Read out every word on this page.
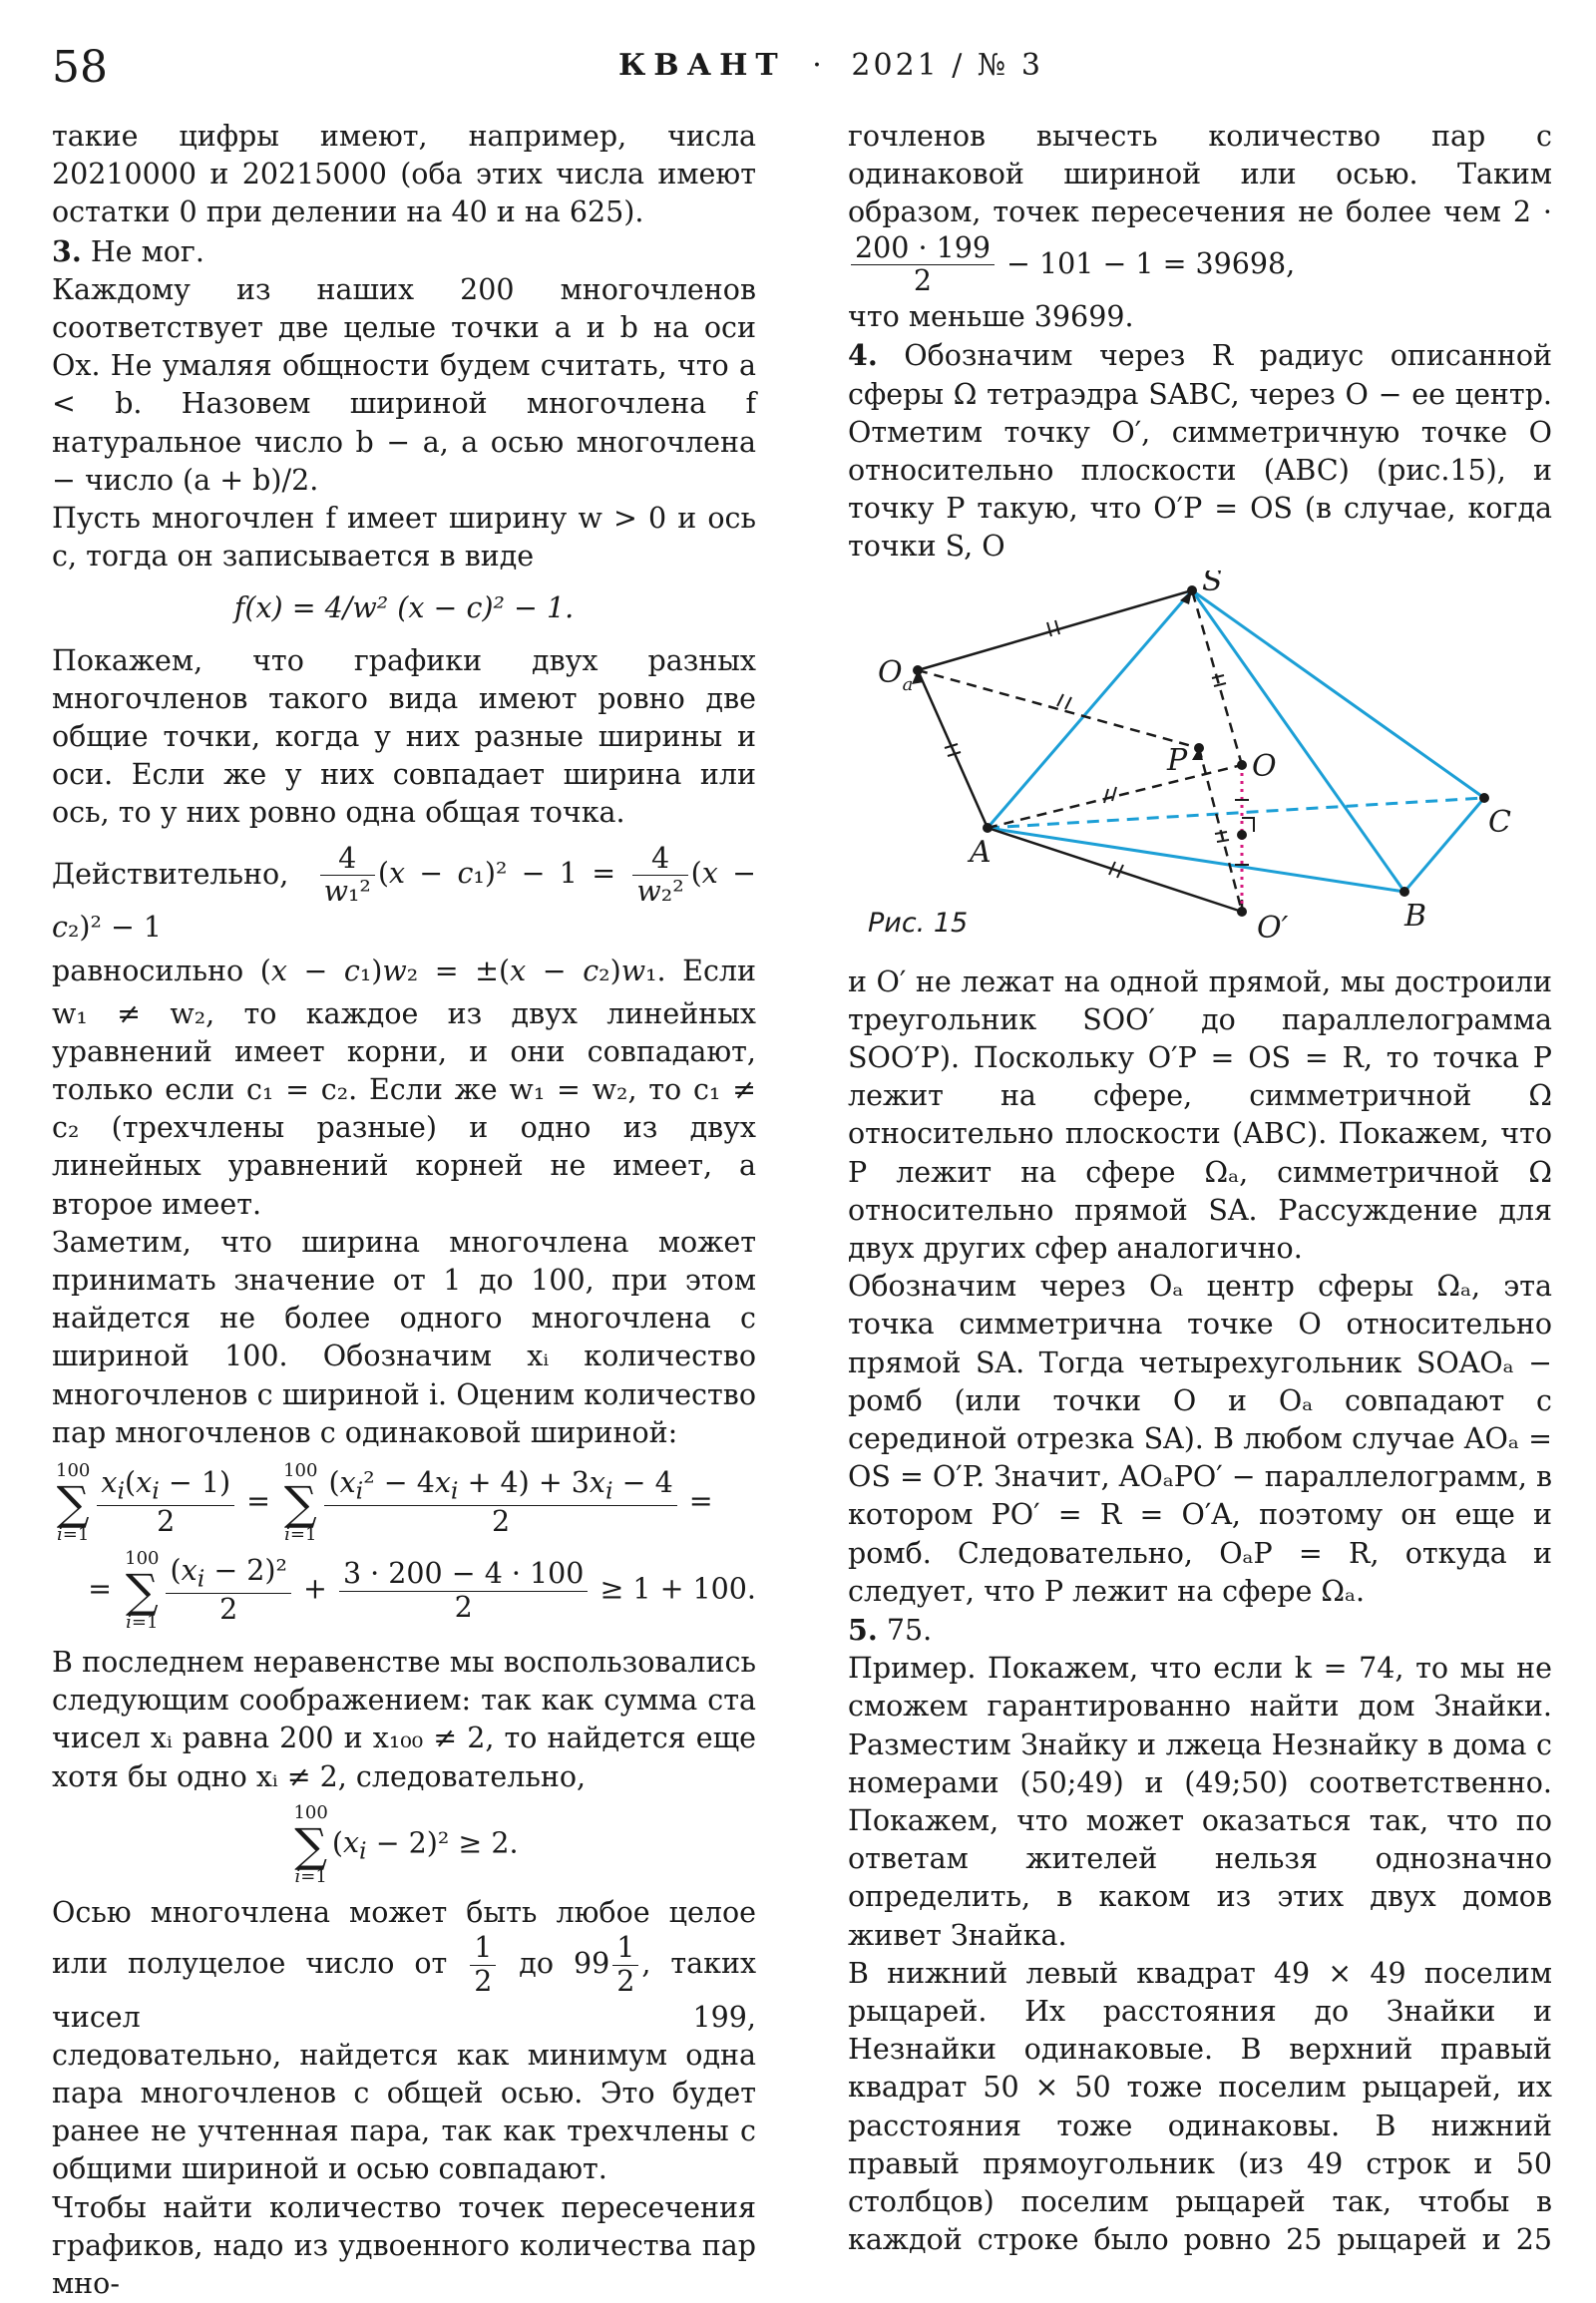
58	КВАНТ · 2021 / № 3

такие цифры имеют, например, числа 20210000 и 20215000 (оба этих числа имеют остатки 0 при делении на 40 и на 625).

3. Не мог.

Каждому из наших 200 многочленов соответствует две целые точки a и b на оси Ox. Не умаляя общности будем считать, что a < b. Назовем шириной многочлена f натуральное число b − a, а осью многочлена − число (a + b)/2.

Пусть многочлен f имеет ширину w > 0 и ось c, тогда он записывается в виде

f(x) = 4/w² (x − c)² − 1.

Покажем, что графики двух разных многочленов такого вида имеют ровно две общие точки, когда у них разные ширины и оси. Если же у них совпадает ширина или ось, то у них ровно одна общая точка.

Действительно, $\frac{4}{\text{w₁²}} (x - c_1)^2 - 1 = \frac{4}{\text{w₂²}} (x - c_2)^2 - 1$

равносильно (x − c₁)w₂ = ±(x − c₂)w₁. Если

w₁ ≠ w₂, то каждое из двух линейных уравнений имеет корни, и они совпадают, только если c₁ = c₂. Если же w₁ = w₂, то c₁ ≠ c₂ (трехчлены разные) и одно из двух линейных уравнений корней не имеет, а второе имеет.

Заметим, что ширина многочлена может принимать значение от 1 до 100, при этом найдется не более одного многочлена с шириной 100. Обозначим xᵢ количество многочленов с шириной i. Оценим количество пар многочленов с одинаковой шириной:

100
∑
$i=1 \frac{x_i(x_i - 1)}{2}$ =
100
∑
$i=1 \frac{(x_i^2 - 4x_i + 4) + 3x_i - 4}{2}$ =
=
100
∑
$i=1 \frac{(x_i - 2)^2}{2} + \frac{3 \cdot 200 - 4 \cdot 100}{2} \ge 1 + 100$.

В последнем неравенстве мы воспользовались следующим соображением: так как сумма ста чисел xᵢ равна 200 и x₁₀₀ ≠ 2, то найдется еще хотя бы одно xᵢ ≠ 2, следовательно,

100
∑
i=1
$(x_i - 2)^2 \ge 2$.

Осью многочлена может быть любое целое или полуцелое число от $\frac{1}{2}$ до $99 \frac{1}{2}$ , таких чисел 199,

следовательно, найдется как минимум одна пара многочленов с общей осью. Это будет ранее не учтенная пара, так как трехчлены с общими шириной и осью совпадают.

Чтобы найти количество точек пересечения графиков, надо из удвоенного количества пар мно-

гочленов вычесть количество пар с одинаковой шириной или осью. Таким образом, точек пересечения не более чем 2 ·
$\frac{200 \cdot 199}{2} - 101 - 1 = 39698$,

что меньше 39699.

4. Обозначим через R радиус описанной сферы Ω тетраэдра SABC, через O − ее центр. Отметим точку O′, симметричную точке O относительно плоскости (ABC) (рис.15), и точку P такую, что O′P = OS (в случае, когда точки S, O

S
$O_a$
P O
A
C
B
O′
Рис. 15

и O′ не лежат на одной прямой, мы достроили треугольник SOO′ до параллелограмма SOO′P). Поскольку O′P = OS = R, то точка P лежит на сфере, симметричной Ω относительно плоскости (ABC). Покажем, что P лежит на сфере Ωₐ, симметричной Ω относительно прямой SA. Рассуждение для двух других сфер аналогично.

Обозначим через Oₐ центр сферы Ωₐ, эта точка симметрична точке O относительно прямой SA. Тогда четырехугольник SOAOₐ − ромб (или точки O и Oₐ совпадают с серединой отрезка SA). В любом случае AOₐ = OS = O′P. Значит, AOₐPO′ − параллелограмм, в котором PO′ = R = O′A, поэтому он еще и ромб. Следовательно, OₐP = R, откуда и следует, что P лежит на сфере Ωₐ.

5. 75.

Пример. Покажем, что если k = 74, то мы не сможем гарантированно найти дом Знайки. Разместим Знайку и лжеца Незнайку в дома с номерами (50;49) и (49;50) соответственно. Покажем, что может оказаться так, что по ответам жителей нельзя однозначно определить, в каком из этих двух домов живет Знайка.

В нижний левый квадрат 49 × 49 поселим рыцарей. Их расстояния до Знайки и Незнайки одинаковые. В верхний правый квадрат 50 × 50 тоже поселим рыцарей, их расстояния тоже одинаковы. В нижний правый прямоугольник (из 49 строк и 50 столбцов) поселим рыцарей так, чтобы в каждой строке было ровно 25 рыцарей и 25
